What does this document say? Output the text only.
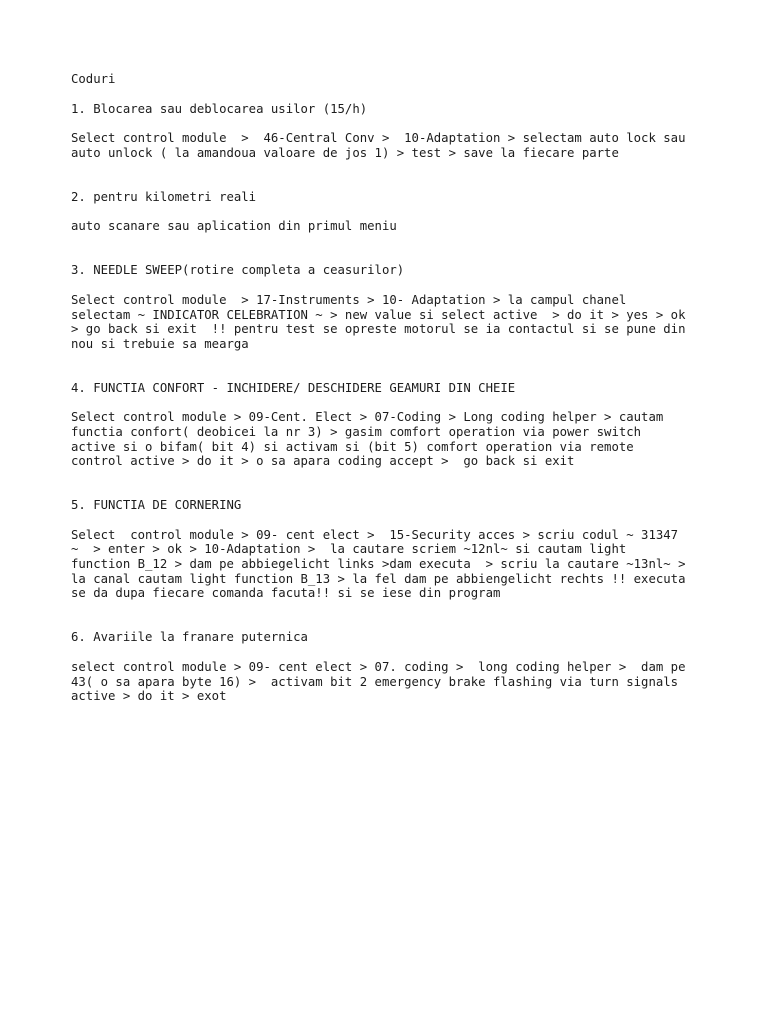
Coduri
1. Blocarea sau deblocarea usilor (15/h)
Select control module  >  46-Central Conv >  10-Adaptation > selectam auto lock sau
auto unlock ( la amandoua valoare de jos 1) > test > save la fiecare parte
2. pentru kilometri reali
auto scanare sau aplication din primul meniu
3. NEEDLE SWEEP(rotire completa a ceasurilor)
Select control module  > 17-Instruments > 10- Adaptation > la campul chanel
selectam ~ INDICATOR CELEBRATION ~ > new value si select active  > do it > yes > ok
> go back si exit  !! pentru test se opreste motorul se ia contactul si se pune din
nou si trebuie sa mearga
4. FUNCTIA CONFORT - INCHIDERE/ DESCHIDERE GEAMURI DIN CHEIE
Select control module > 09-Cent. Elect > 07-Coding > Long coding helper > cautam
functia confort( deobicei la nr 3) > gasim comfort operation via power switch
active si o bifam( bit 4) si activam si (bit 5) comfort operation via remote
control active > do it > o sa apara coding accept >  go back si exit
5. FUNCTIA DE CORNERING
Select  control module > 09- cent elect >  15-Security acces > scriu codul ~ 31347
~  > enter > ok > 10-Adaptation >  la cautare scriem ~12nl~ si cautam light
function B_12 > dam pe abbiegelicht links >dam executa  > scriu la cautare ~13nl~ >
la canal cautam light function B_13 > la fel dam pe abbiengelicht rechts !! executa
se da dupa fiecare comanda facuta!! si se iese din program
6. Avariile la franare puternica
select control module > 09- cent elect > 07. coding >  long coding helper >  dam pe
43( o sa apara byte 16) >  activam bit 2 emergency brake flashing via turn signals
active > do it > exot
